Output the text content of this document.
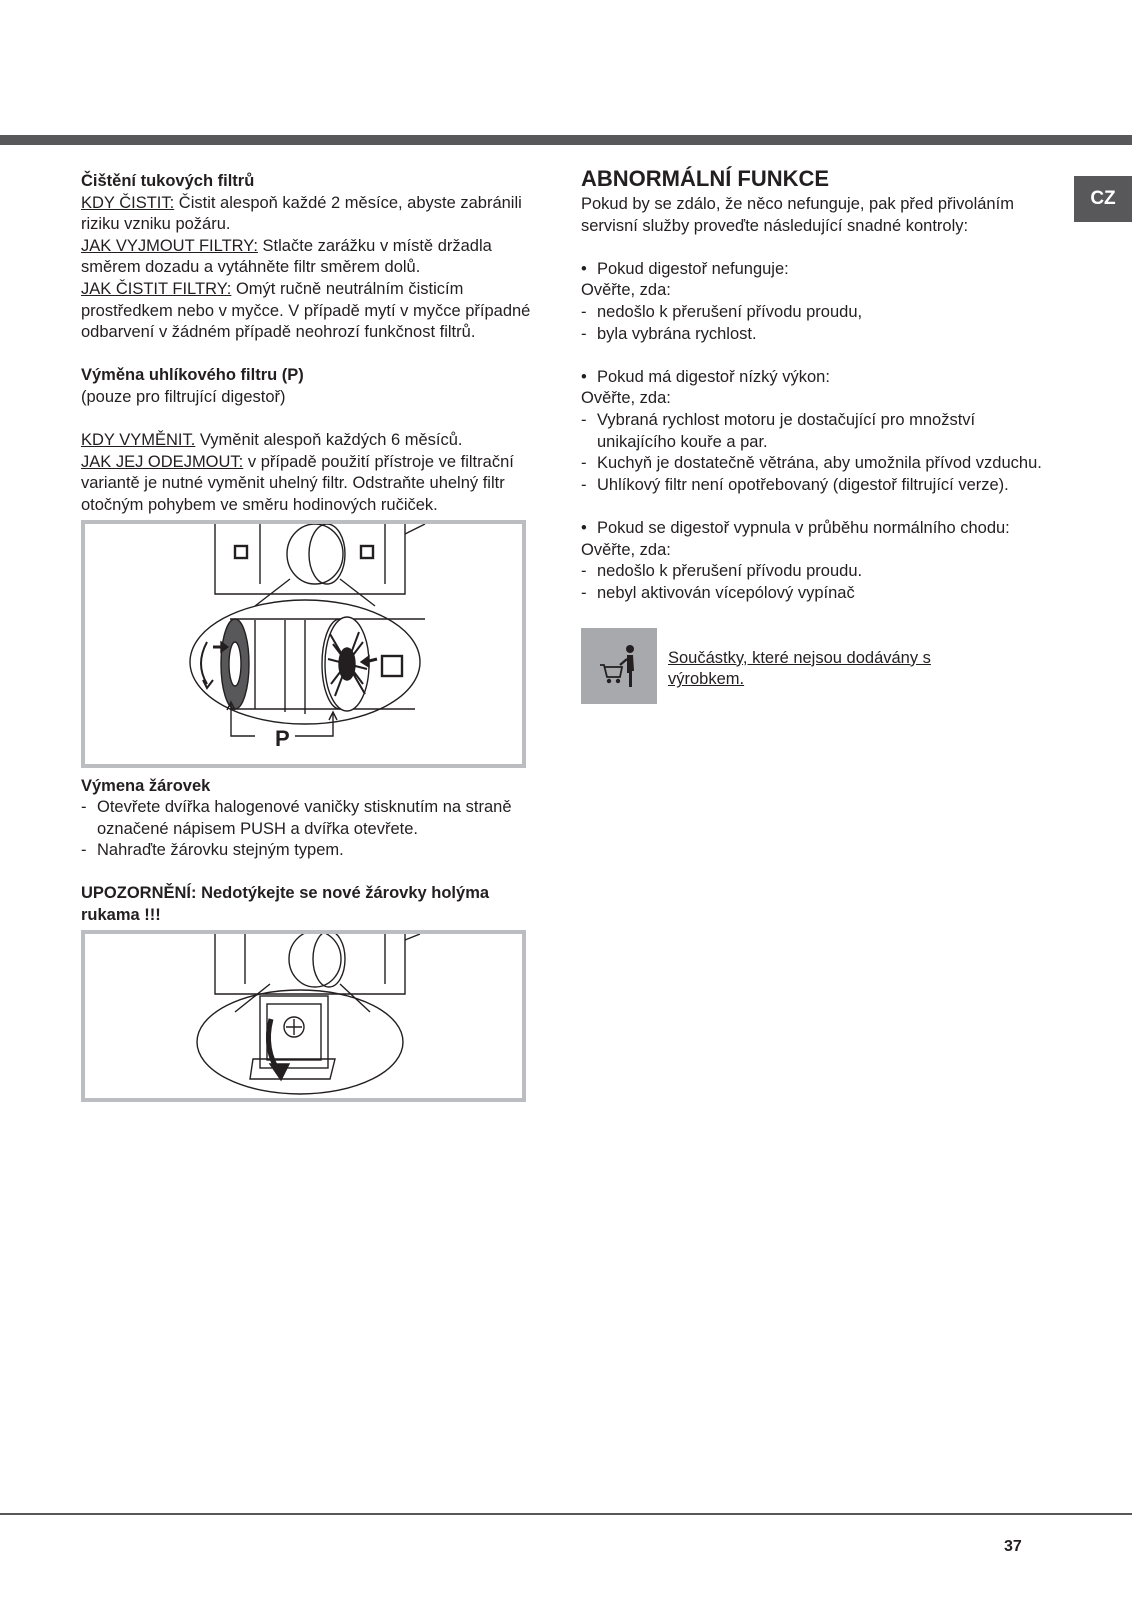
CZ
Čištění tukových filtrů
KDY ČISTIT: Čistit alespoň každé 2 měsíce, abyste zabránili riziku vzniku požáru.
JAK VYJMOUT FILTRY: Stlačte zarážku v místě držadla směrem dozadu a vytáhněte filtr směrem dolů.
JAK ČISTIT FILTRY: Omýt ručně neutrálním čisticím prostředkem nebo v myčce. V případě mytí v myčce případné odbarvení v žádném případě neohrozí funkčnost filtrů.
Výměna uhlíkového filtru (P)
(pouze pro filtrující digestoř)
KDY VYMĚNIT. Vyměnit alespoň každých 6 měsíců.
JAK JEJ ODEJMOUT: v případě použití přístroje ve filtrační variantě je nutné vyměnit uhelný filtr. Odstraňte uhelný filtr otočným pohybem ve směru hodinových ručiček.
P
Výmena žárovek
- Otevřete dvířka halogenové vaničky stisknutím na straně označené nápisem PUSH a dvířka otevřete.
- Nahraďte žárovku stejným typem.
UPOZORNĚNÍ: Nedotýkejte se nové žárovky holýma rukama !!!
ABNORMÁLNÍ FUNKCE
Pokud by se zdálo, že něco nefunguje, pak před přivoláním servisní služby proveďte následující snadné kontroly:
• Pokud digestoř nefunguje:
Ověřte, zda:
- nedošlo k přerušení přívodu proudu,
- byla vybrána rychlost.
• Pokud má digestoř nízký výkon:
Ověřte, zda:
- Vybraná rychlost motoru je dostačující pro množství unikajícího kouře a par.
- Kuchyň je dostatečně větrána, aby umožnila přívod vzduchu.
- Uhlíkový filtr není opotřebovaný (digestoř filtrující verze).
• Pokud se digestoř vypnula v průběhu normálního chodu:
Ověřte, zda:
- nedošlo k přerušení přívodu proudu.
- nebyl aktivován vícepólový vypínač
Součástky, které nejsou dodávány s výrobkem.
37
